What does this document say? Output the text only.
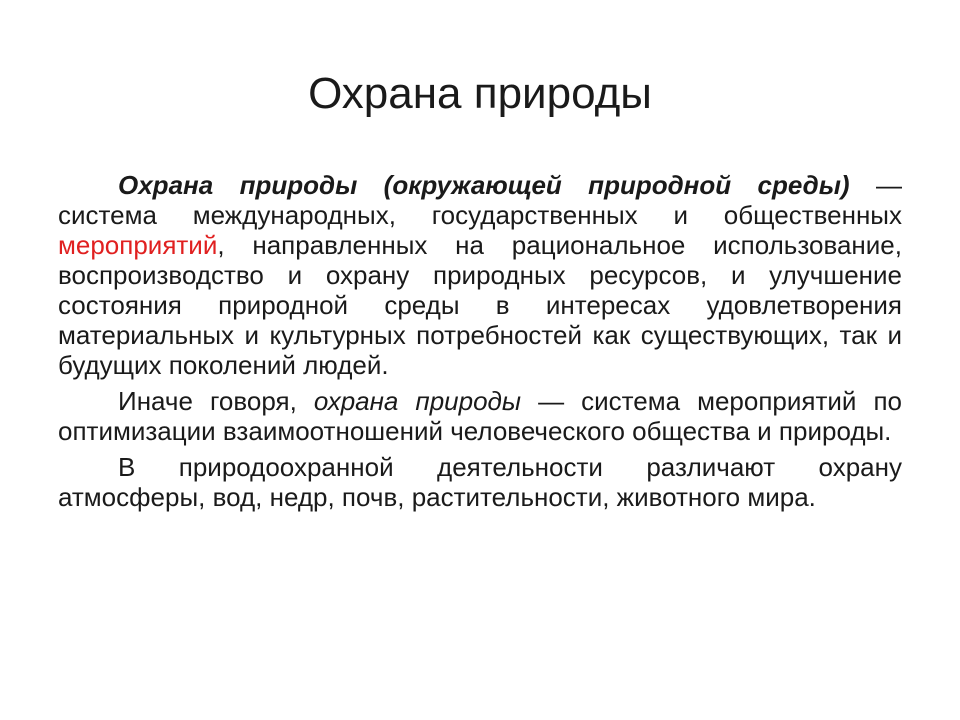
Охрана природы

Охрана природы (окружающей природной среды) — система международных, государственных и общественных мероприятий, направленных на рациональное использование, воспроизводство и охрану природных ресурсов, и улучшение состояния природной среды в интересах удовлетворения материальных и культурных потребностей как существующих, так и будущих поколений людей.

Иначе говоря, охрана природы — система мероприятий по оптимизации взаимоотношений человеческого общества и природы.

В природоохранной деятельности различают охрану атмосферы, вод, недр, почв, растительности, животного мира.
